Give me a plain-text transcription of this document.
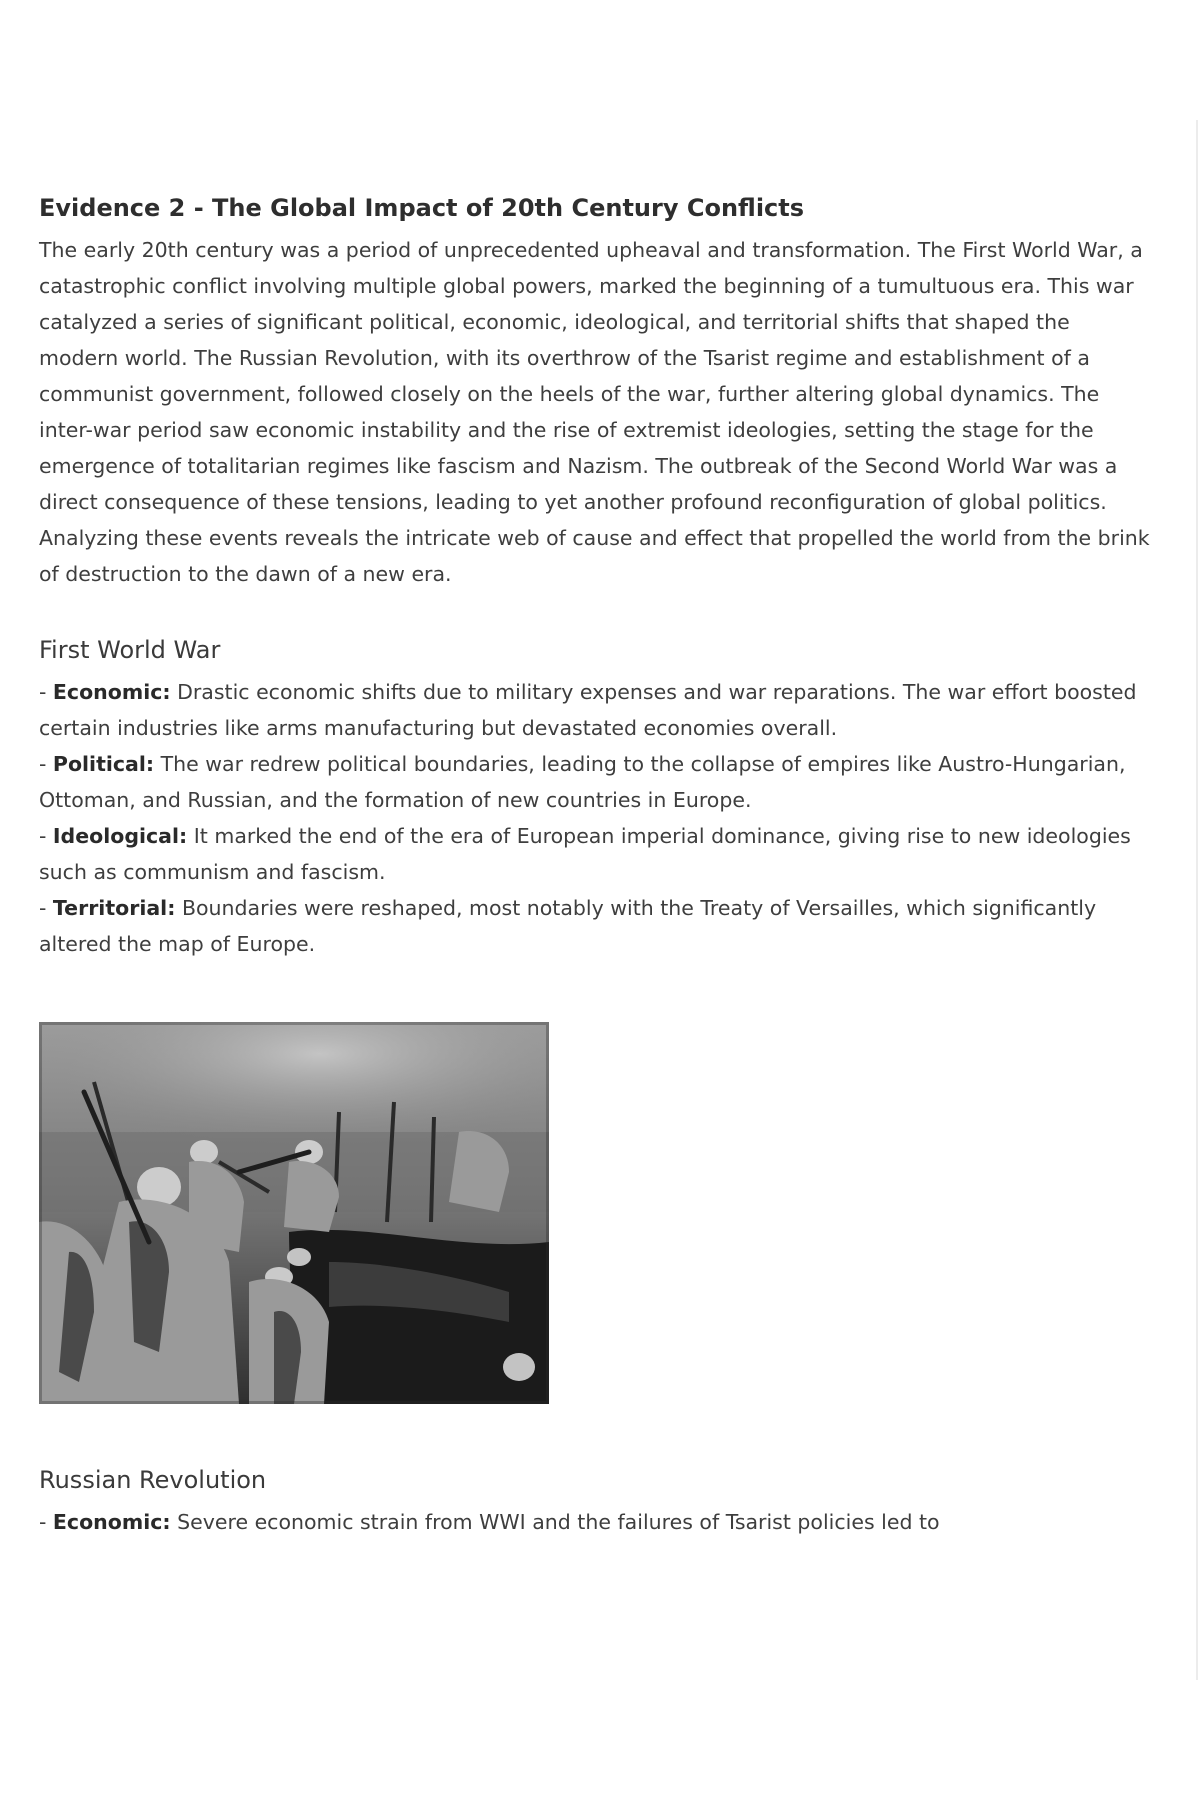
Evidence 2 - The Global Impact of 20th Century Conflicts

The early 20th century was a period of unprecedented upheaval and transformation. The First World War, a catastrophic conflict involving multiple global powers, marked the beginning of a tumultuous era. This war catalyzed a series of significant political, economic, ideological, and territorial shifts that shaped the modern world. The Russian Revolution, with its overthrow of the Tsarist regime and establishment of a communist government, followed closely on the heels of the war, further altering global dynamics. The inter-war period saw economic instability and the rise of extremist ideologies, setting the stage for the emergence of totalitarian regimes like fascism and Nazism. The outbreak of the Second World War was a direct consequence of these tensions, leading to yet another profound reconfiguration of global politics. Analyzing these events reveals the intricate web of cause and effect that propelled the world from the brink of destruction to the dawn of a new era.

First World War

- Economic: Drastic economic shifts due to military expenses and war reparations. The war effort boosted certain industries like arms manufacturing but devastated economies overall.

- Political: The war redrew political boundaries, leading to the collapse of empires like Austro-Hungarian, Ottoman, and Russian, and the formation of new countries in Europe.

- Ideological: It marked the end of the era of European imperial dominance, giving rise to new ideologies such as communism and fascism.

- Territorial: Boundaries were reshaped, most notably with the Treaty of Versailles, which significantly altered the map of Europe.

Russian Revolution

- Economic: Severe economic strain from WWI and the failures of Tsarist policies led to
